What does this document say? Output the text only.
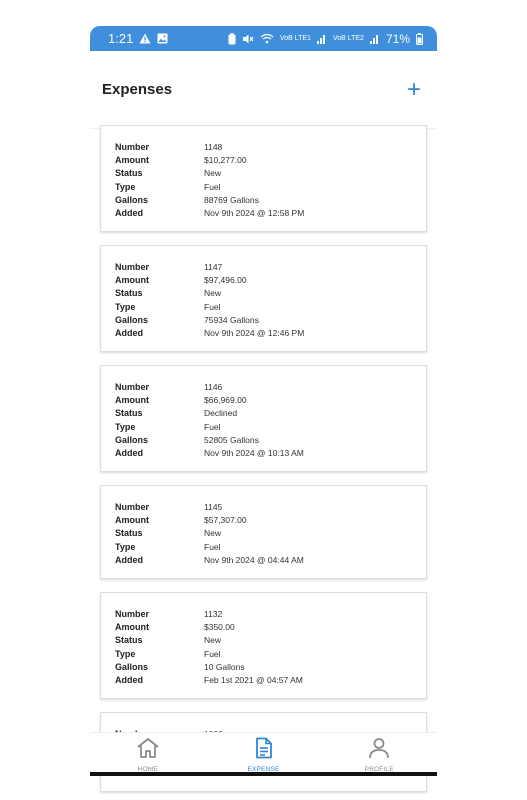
1:21	VoB LTE1	VoB LTE2 71%
Expenses	+
Number	1148
Amount	$10,277.00
Status	New
Type	Fuel
Gallons	88769 Gallons
Added	Nov 9th 2024 @ 12:58 PM
Number	1147
Amount	$97,496.00
Status	New
Type	Fuel
Gallons	75934 Gallons
Added	Nov 9th 2024 @ 12:46 PM
Number	1146
Amount	$66,969.00
Status	Declined
Type	Fuel
Gallons	52805 Gallons
Added	Nov 9th 2024 @ 10:13 AM
Number	1145
Amount	$57,307.00
Status	New
Type	Fuel
Added	Nov 9th 2024 @ 04:44 AM
Number	1132
Amount	$350.00
Status	New
Type	Fuel
Gallons	10 Gallons
Added	Feb 1st 2021 @ 04:57 AM
HOME	EXPENSE	PROFILE
